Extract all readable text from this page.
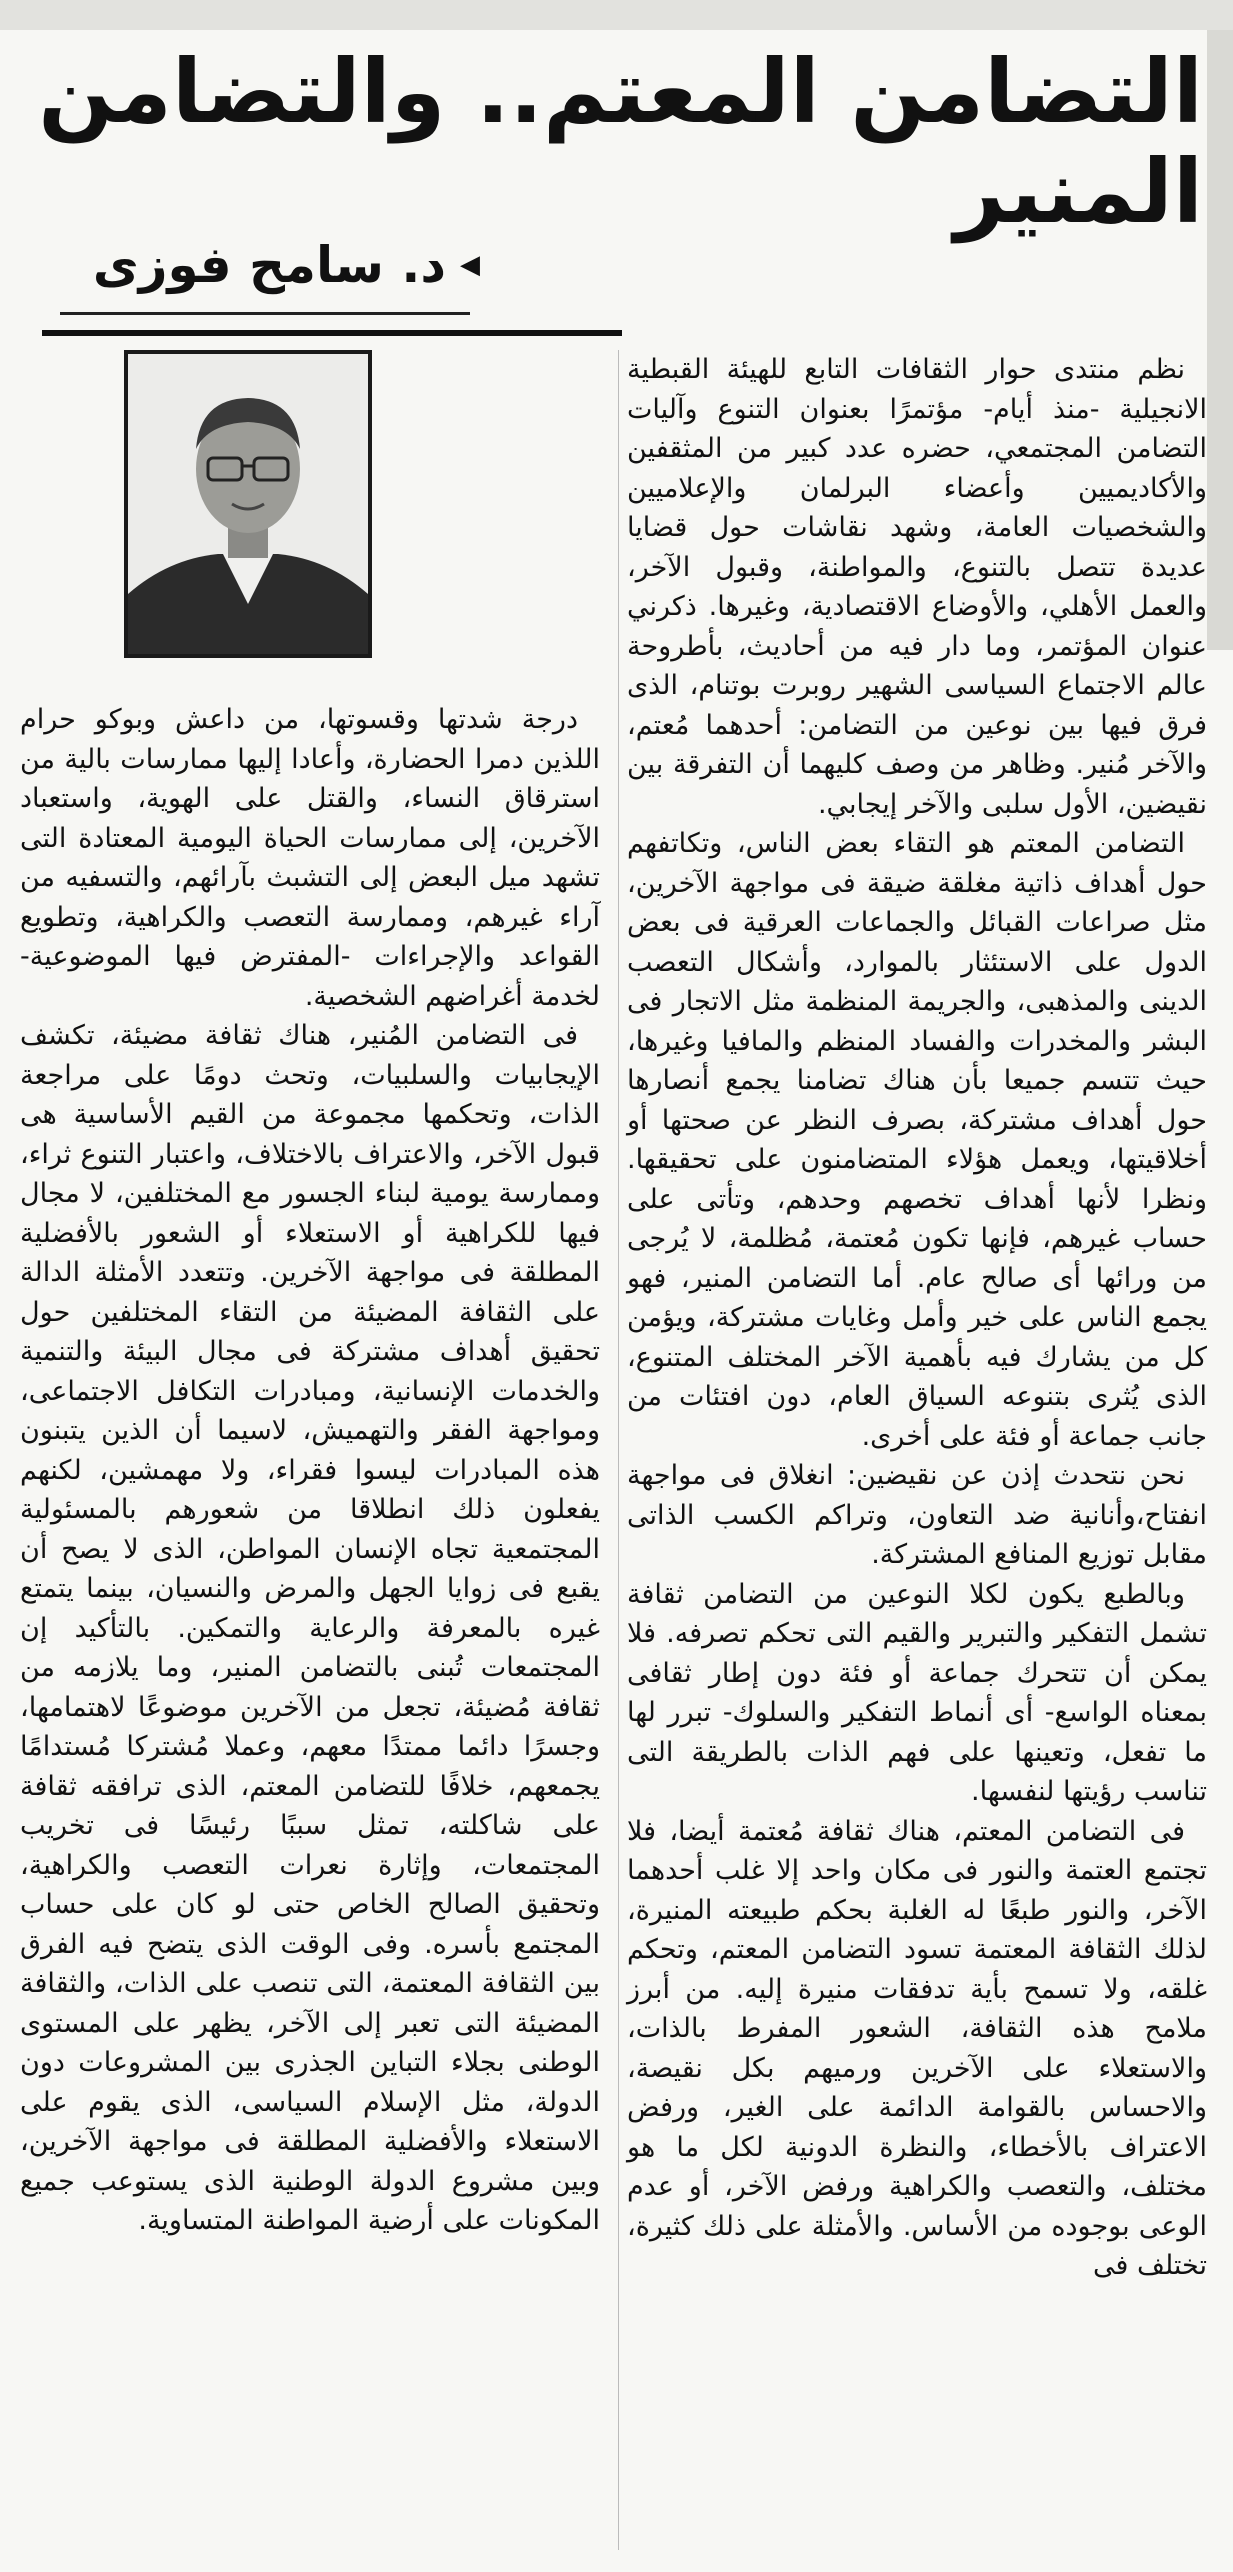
التضامن المعتم.. والتضامن المنير
◀
د. سامح فوزى

نظم منتدى حوار الثقافات التابع للهيئة القبطية الانجيلية -منذ أيام- مؤتمرًا بعنوان التنوع وآليات التضامن المجتمعي، حضره عدد كبير من المثقفين والأكاديميين وأعضاء البرلمان والإعلاميين والشخصيات العامة، وشهد نقاشات حول قضايا عديدة تتصل بالتنوع، والمواطنة، وقبول الآخر، والعمل الأهلي، والأوضاع الاقتصادية، وغيرها. ذكرني عنوان المؤتمر، وما دار فيه من أحاديث، بأطروحة عالم الاجتماع السياسى الشهير روبرت بوتنام، الذى فرق فيها بين نوعين من التضامن: أحدهما مُعتم، والآخر مُنير. وظاهر من وصف كليهما أن التفرقة بين نقيضين، الأول سلبى والآخر إيجابي.

التضامن المعتم هو التقاء بعض الناس، وتكاتفهم حول أهداف ذاتية مغلقة ضيقة فى مواجهة الآخرين، مثل صراعات القبائل والجماعات العرقية فى بعض الدول على الاستئثار بالموارد، وأشكال التعصب الدينى والمذهبى، والجريمة المنظمة مثل الاتجار فى البشر والمخدرات والفساد المنظم والمافيا وغيرها، حيث تتسم جميعا بأن هناك تضامنا يجمع أنصارها حول أهداف مشتركة، بصرف النظر عن صحتها أو أخلاقيتها، ويعمل هؤلاء المتضامنون على تحقيقها. ونظرا لأنها أهداف تخصهم وحدهم، وتأتى على حساب غيرهم، فإنها تكون مُعتمة، مُظلمة، لا يُرجى من ورائها أى صالح عام. أما التضامن المنير، فهو يجمع الناس على خير وأمل وغايات مشتركة، ويؤمن كل من يشارك فيه بأهمية الآخر المختلف المتنوع، الذى يُثرى بتنوعه السياق العام، دون افتئات من جانب جماعة أو فئة على أخرى.

نحن نتحدث إذن عن نقيضين: انغلاق فى مواجهة انفتاح،وأنانية ضد التعاون، وتراكم الكسب الذاتى مقابل توزيع المنافع المشتركة.

وبالطبع يكون لكلا النوعين من التضامن ثقافة تشمل التفكير والتبرير والقيم التى تحكم تصرفه. فلا يمكن أن تتحرك جماعة أو فئة دون إطار ثقافى بمعناه الواسع- أى أنماط التفكير والسلوك- تبرر لها ما تفعل، وتعينها على فهم الذات بالطريقة التى تناسب رؤيتها لنفسها.

فى التضامن المعتم، هناك ثقافة مُعتمة أيضا، فلا تجتمع العتمة والنور فى مكان واحد إلا غلب أحدهما الآخر، والنور طبعًا له الغلبة بحكم طبيعته المنيرة، لذلك الثقافة المعتمة تسود التضامن المعتم، وتحكم غلقه، ولا تسمح بأية تدفقات منيرة إليه. من أبرز ملامح هذه الثقافة، الشعور المفرط بالذات، والاستعلاء على الآخرين ورميهم بكل نقيصة، والاحساس بالقوامة الدائمة على الغير، ورفض الاعتراف بالأخطاء، والنظرة الدونية لكل ما هو مختلف، والتعصب والكراهية ورفض الآخر، أو عدم الوعى بوجوده من الأساس. والأمثلة على ذلك كثيرة، تختلف فى

درجة شدتها وقسوتها، من داعش وبوكو حرام اللذين دمرا الحضارة، وأعادا إليها ممارسات بالية من استرقاق النساء، والقتل على الهوية، واستعباد الآخرين، إلى ممارسات الحياة اليومية المعتادة التى تشهد ميل البعض إلى التشبث بآرائهم، والتسفيه من آراء غيرهم، وممارسة التعصب والكراهية، وتطويع القواعد والإجراءات -المفترض فيها الموضوعية- لخدمة أغراضهم الشخصية.

فى التضامن المُنير، هناك ثقافة مضيئة، تكشف الإيجابيات والسلبيات، وتحث دومًا على مراجعة الذات، وتحكمها مجموعة من القيم الأساسية هى قبول الآخر، والاعتراف بالاختلاف، واعتبار التنوع ثراء، وممارسة يومية لبناء الجسور مع المختلفين، لا مجال فيها للكراهية أو الاستعلاء أو الشعور بالأفضلية المطلقة فى مواجهة الآخرين. وتتعدد الأمثلة الدالة على الثقافة المضيئة من التقاء المختلفين حول تحقيق أهداف مشتركة فى مجال البيئة والتنمية والخدمات الإنسانية، ومبادرات التكافل الاجتماعى، ومواجهة الفقر والتهميش، لاسيما أن الذين يتبنون هذه المبادرات ليسوا فقراء، ولا مهمشين، لكنهم يفعلون ذلك انطلاقا من شعورهم بالمسئولية المجتمعية تجاه الإنسان المواطن، الذى لا يصح أن يقبع فى زوايا الجهل والمرض والنسيان، بينما يتمتع غيره بالمعرفة والرعاية والتمكين. بالتأكيد إن المجتمعات تُبنى بالتضامن المنير، وما يلازمه من ثقافة مُضيئة، تجعل من الآخرين موضوعًا لاهتمامها، وجسرًا دائما ممتدًا معهم، وعملا مُشتركا مُستدامًا يجمعهم، خلافًا للتضامن المعتم، الذى ترافقه ثقافة على شاكلته، تمثل سببًا رئيسًا فى تخريب المجتمعات، وإثارة نعرات التعصب والكراهية، وتحقيق الصالح الخاص حتى لو كان على حساب المجتمع بأسره. وفى الوقت الذى يتضح فيه الفرق بين الثقافة المعتمة، التى تنصب على الذات، والثقافة المضيئة التى تعبر إلى الآخر، يظهر على المستوى الوطنى بجلاء التباين الجذرى بين المشروعات دون الدولة، مثل الإسلام السياسى، الذى يقوم على الاستعلاء والأفضلية المطلقة فى مواجهة الآخرين، وبين مشروع الدولة الوطنية الذى يستوعب جميع المكونات على أرضية المواطنة المتساوية.
